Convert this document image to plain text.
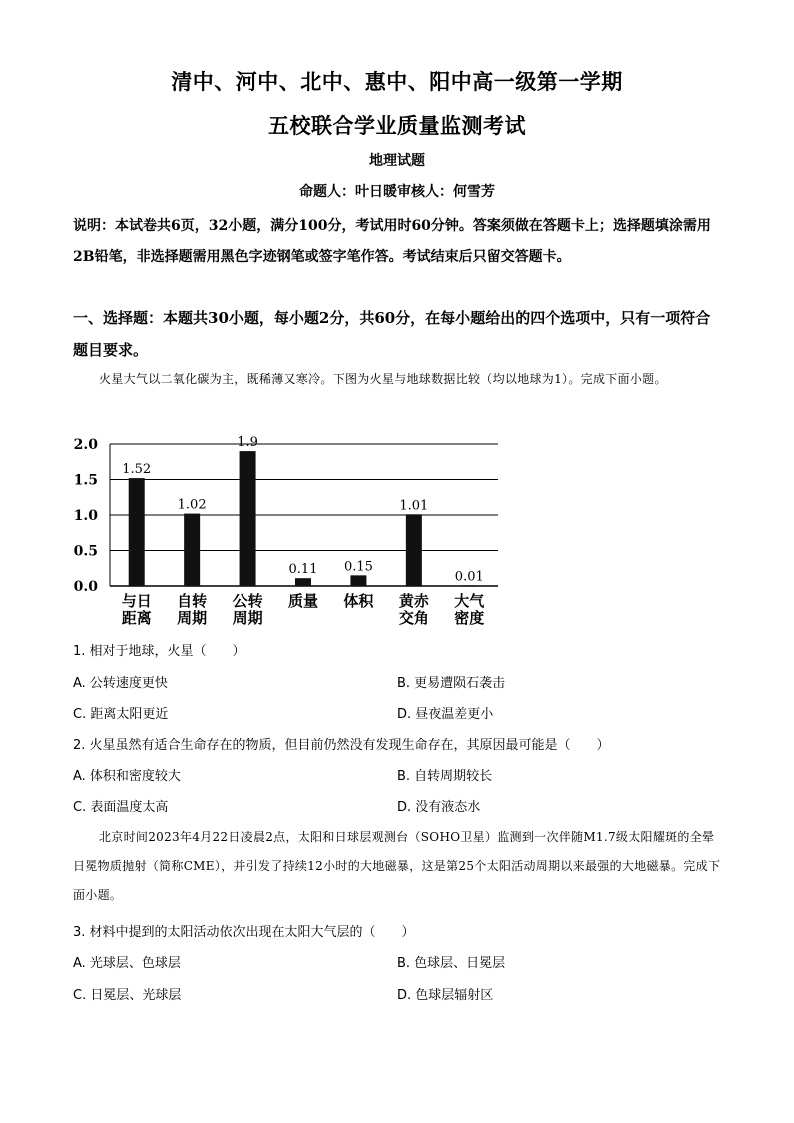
清中、河中、北中、惠中、阳中高一级第一学期
五校联合学业质量监测考试
地理试题
命题人：叶日暖审核人：何雪芳
说明：本试卷共6页，32小题，满分100分，考试用时60分钟。答案须做在答题卡上；选择题填涂需用2B铅笔，非选择题需用黑色字迹钢笔或签字笔作答。考试结束后只留交答题卡。
一、选择题：本题共30小题，每小题2分，共60分，在每小题给出的四个选项中，只有一项符合题目要求。
火星大气以二氧化碳为主，既稀薄又寒冷。下图为火星与地球数据比较（均以地球为1）。完成下面小题。
2.0
1.5
1.0
0.5
0.0
1.52
1.02
1.9
0.11 0.15
1.01
0.01
与日
距离
自转
周期
公转
周期
质量 体积 黄赤
交角
大气
密度
1. 相对于地球，火星（　　）
A. 公转速度更快	B. 更易遭陨石袭击
C. 距离太阳更近	D. 昼夜温差更小
2. 火星虽然有适合生命存在的物质，但目前仍然没有发现生命存在，其原因最可能是（　　）
A. 体积和密度较大	B. 自转周期较长
C. 表面温度太高	D. 没有液态水
北京时间2023年4月22日凌晨2点，太阳和日球层观测台（SOHO卫星）监测到一次伴随M1.7级太阳耀斑的全晕日冕物质抛射（简称CME），并引发了持续12小时的大地磁暴，这是第25个太阳活动周期以来最强的大地磁暴。完成下面小题。
3. 材料中提到的太阳活动依次出现在太阳大气层的（　　）
A. 光球层、色球层	B. 色球层、日冕层
C. 日冕层、光球层	D. 色球层辐射区
